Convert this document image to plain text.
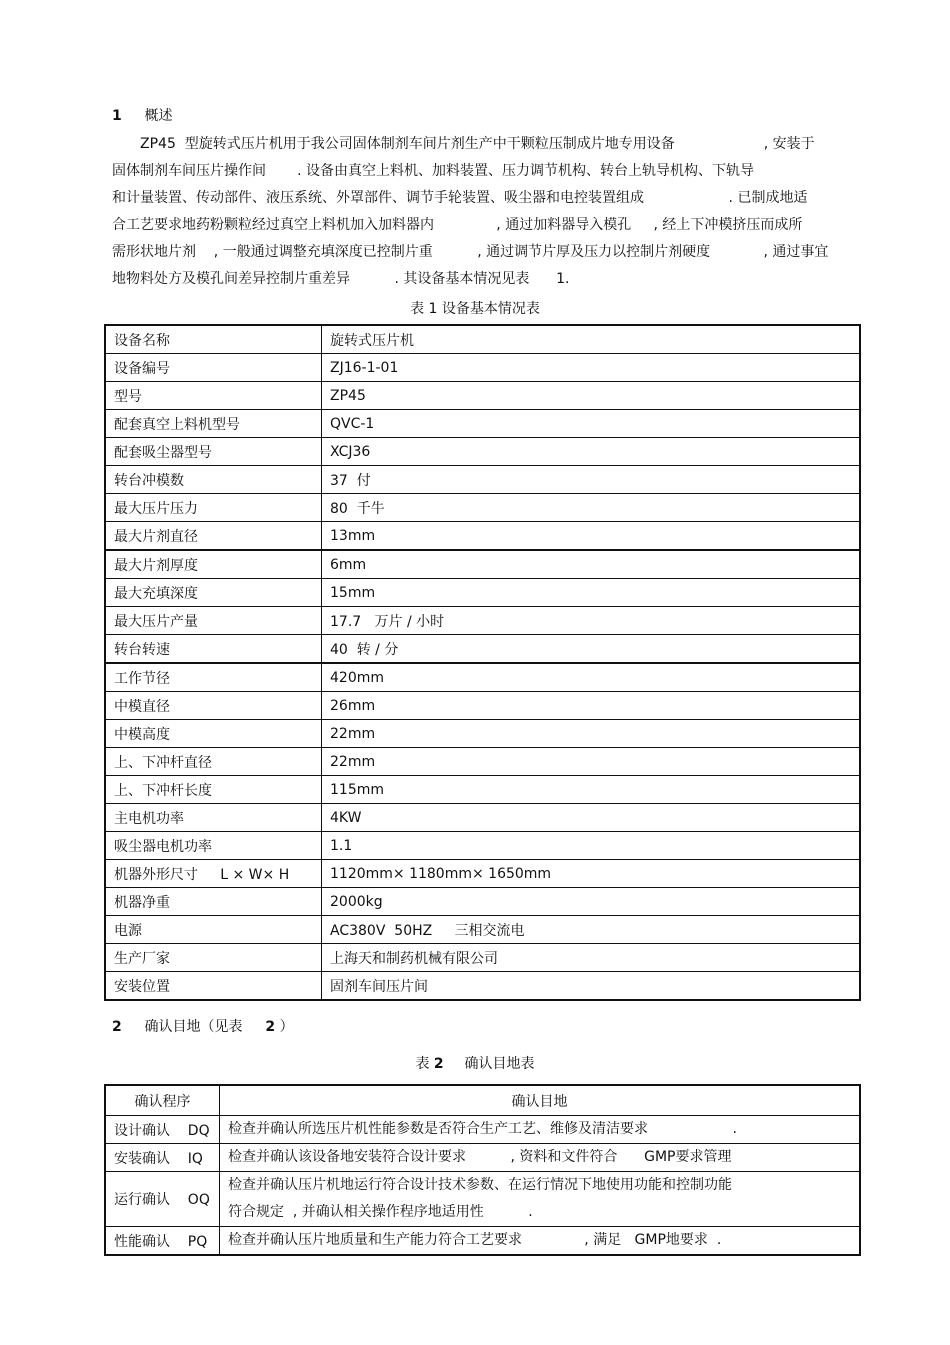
1 概述
ZP45  型旋转式压片机用于我公司固体制剂车间片剂生产中干颗粒压制成片地专用设备                    , 安装于
固体制剂车间压片操作间       . 设备由真空上料机、加料装置、压力调节机构、转台上轨导机构、下轨导
和计量装置、传动部件、液压系统、外罩部件、调节手轮装置、吸尘器和电控装置组成                   . 已制成地适
合工艺要求地药粉颗粒经过真空上料机加入加料器内              , 通过加料器导入模孔     , 经上下冲模挤压而成所
需形状地片剂    , 一般通过调整充填深度已控制片重          , 通过调节片厚及压力以控制片剂硬度            , 通过事宜
地物料处方及模孔间差异控制片重差异          . 其设备基本情况见表      1.
表 1 设备基本情况表
设备名称	旋转式压片机
设备编号	ZJ16-1-01
型号	ZP45
配套真空上料机型号	QVC-1
配套吸尘器型号	XCJ36
转台冲模数	37  付
最大压片压力	80  千牛
最大片剂直径	13mm
最大片剂厚度	6mm
最大充填深度	15mm
最大压片产量	17.7   万片 / 小时
转台转速	40  转 / 分
工作节径	420mm
中模直径	26mm
中模高度	22mm
上、下冲杆直径	22mm
上、下冲杆长度	115mm
主电机功率	4KW
吸尘器电机功率	1.1
机器外形尺寸     L × W× H	1120mm× 1180mm× 1650mm
机器净重	2000kg
电源	AC380V  50HZ     三相交流电
生产厂家	上海天和制药机械有限公司
安装位置	固剂车间压片间
2 确认目地（见表 2 ）
表 2 确认目地表
确认程序	确认目地
设计确认    DQ	检查并确认所选压片机性能参数是否符合生产工艺、维修及清洁要求                   .

安装确认    IQ	检查并确认该设备地安装符合设计要求          , 资料和文件符合      GMP要求管理

运行确认    OQ	检查并确认压片机地运行符合设计技术参数、在运行情况下地使用功能和控制功能
符合规定  , 并确认相关操作程序地适用性          .

性能确认    PQ	检查并确认压片地质量和生产能力符合工艺要求              , 满足   GMP地要求  .
